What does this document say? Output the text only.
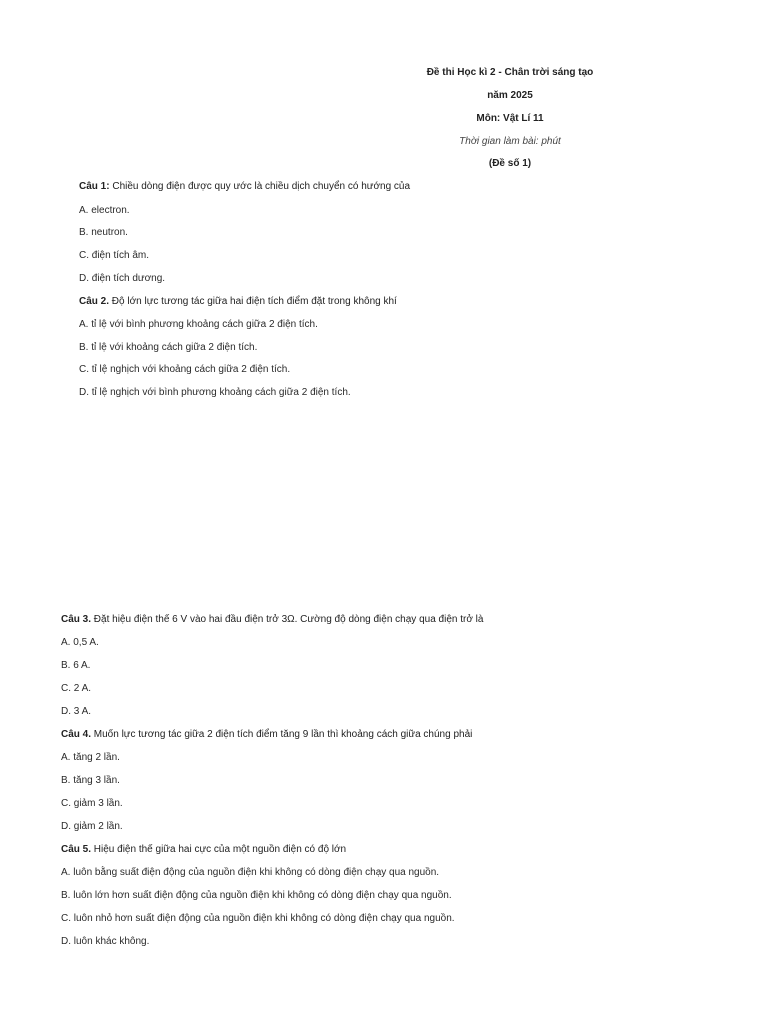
Đề thi Học kì 2 - Chân trời sáng tạo
năm 2025
Môn: Vật Lí 11
Thời gian làm bài: phút
(Đề số 1)
Câu 1: Chiều dòng điện được quy ước là chiều dịch chuyển có hướng của
A. electron.
B. neutron.
C. điện tích âm.
D. điện tích dương.
Câu 2. Độ lớn lực tương tác giữa hai điện tích điểm đặt trong không khí
A. tỉ lệ với bình phương khoảng cách giữa 2 điện tích.
B. tỉ lệ với khoảng cách giữa 2 điện tích.
C. tỉ lệ nghịch với khoảng cách giữa 2 điện tích.
D. tỉ lệ nghịch với bình phương khoảng cách giữa 2 điện tích.
Câu 3. Đặt hiệu điện thế 6 V vào hai đầu điện trở 3Ω. Cường độ dòng điện chạy qua điện trở là
A. 0,5 A.
B. 6 A.
C. 2 A.
D. 3 A.
Câu 4. Muốn lực tương tác giữa 2 điện tích điểm tăng 9 lần thì khoảng cách giữa chúng phải
A. tăng 2 lần.
B. tăng 3 lần.
C. giảm 3 lần.
D. giảm 2 lần.
Câu 5. Hiệu điện thế giữa hai cực của một nguồn điện có độ lớn
A. luôn bằng suất điện động của nguồn điện khi không có dòng điện chạy qua nguồn.
B. luôn lớn hơn suất điện động của nguồn điện khi không có dòng điện chạy qua nguồn.
C. luôn nhỏ hơn suất điện động của nguồn điện khi không có dòng điện chạy qua nguồn.
D. luôn khác không.
